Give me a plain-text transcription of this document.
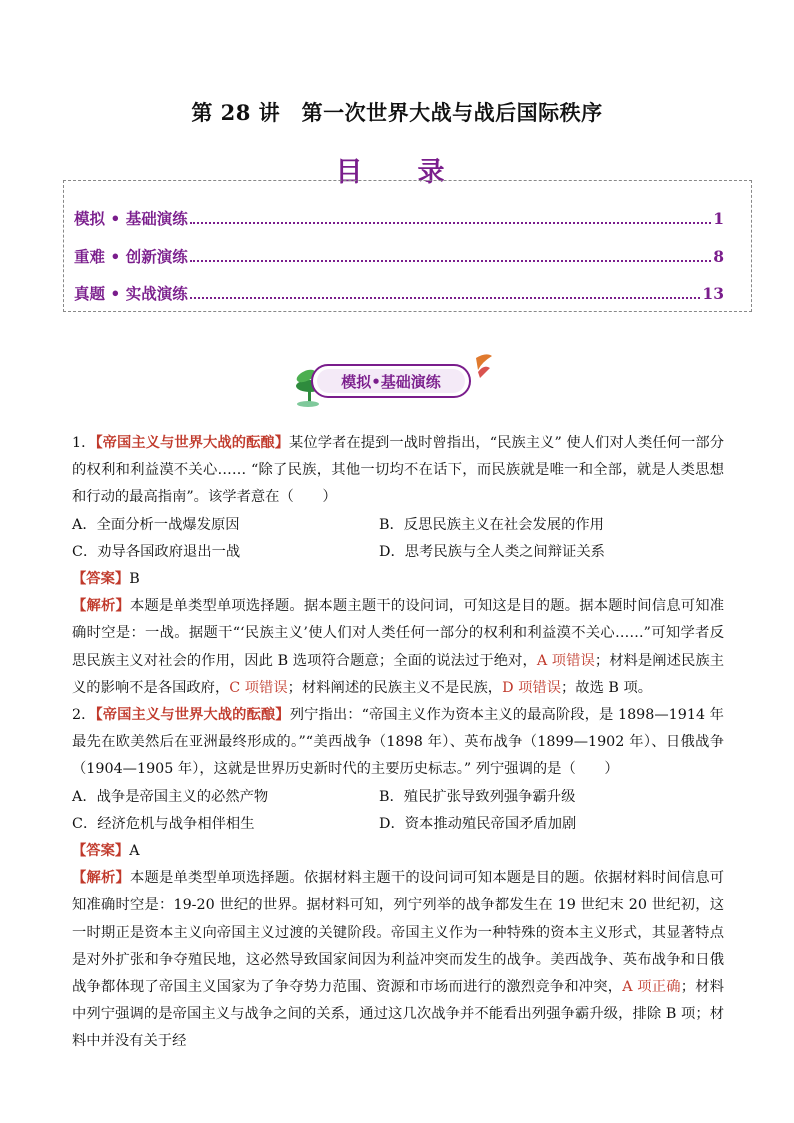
第 28 讲　第一次世界大战与战后国际秩序
目　录
模拟 • 基础演练	1
重难 • 创新演练	8
真题 • 实战演练	13
模拟•基础演练

1．【帝国主义与世界大战的酝酿】某位学者在提到一战时曾指出，“民族主义” 使人们对人类任何一部分的权利和利益漠不关心…… “除了民族，其他一切均不在话下，而民族就是唯一和全部，就是人类思想和行动的最高指南”。该学者意在（　　）

A．全面分析一战爆发原因	B．反思民族主义在社会发展的作用
C．劝导各国政府退出一战	D．思考民族与全人类之间辩证关系

【答案】B

【解析】本题是单类型单项选择题。据本题主题干的设问词，可知这是目的题。据本题时间信息可知准确时空是：一战。据题干“‘民族主义’使人们对人类任何一部分的权利和利益漠不关心……”可知学者反思民族主义对社会的作用，因此 B 选项符合题意；全面的说法过于绝对，A 项错误；材料是阐述民族主义的影响不是各国政府，C 项错误；材料阐述的民族主义不是民族，D 项错误；故选 B 项。

2．【帝国主义与世界大战的酝酿】列宁指出：“帝国主义作为资本主义的最高阶段，是 1898—1914 年最先在欧美然后在亚洲最终形成的。”“美西战争（1898 年）、英布战争（1899—1902 年）、日俄战争（1904—1905 年），这就是世界历史新时代的主要历史标志。” 列宁强调的是（　　）

A．战争是帝国主义的必然产物	B．殖民扩张导致列强争霸升级
C．经济危机与战争相伴相生	D．资本推动殖民帝国矛盾加剧

【答案】A

【解析】本题是单类型单项选择题。依据材料主题干的设问词可知本题是目的题。依据材料时间信息可知准确时空是：19-20 世纪的世界。据材料可知，列宁列举的战争都发生在 19 世纪末 20 世纪初，这一时期正是资本主义向帝国主义过渡的关键阶段。帝国主义作为一种特殊的资本主义形式，其显著特点是对外扩张和争夺殖民地，这必然导致国家间因为利益冲突而发生的战争。美西战争、英布战争和日俄战争都体现了帝国主义国家为了争夺势力范围、资源和市场而进行的激烈竞争和冲突，A 项正确；材料中列宁强调的是帝国主义与战争之间的关系，通过这几次战争并不能看出列强争霸升级，排除 B 项；材料中并没有关于经
